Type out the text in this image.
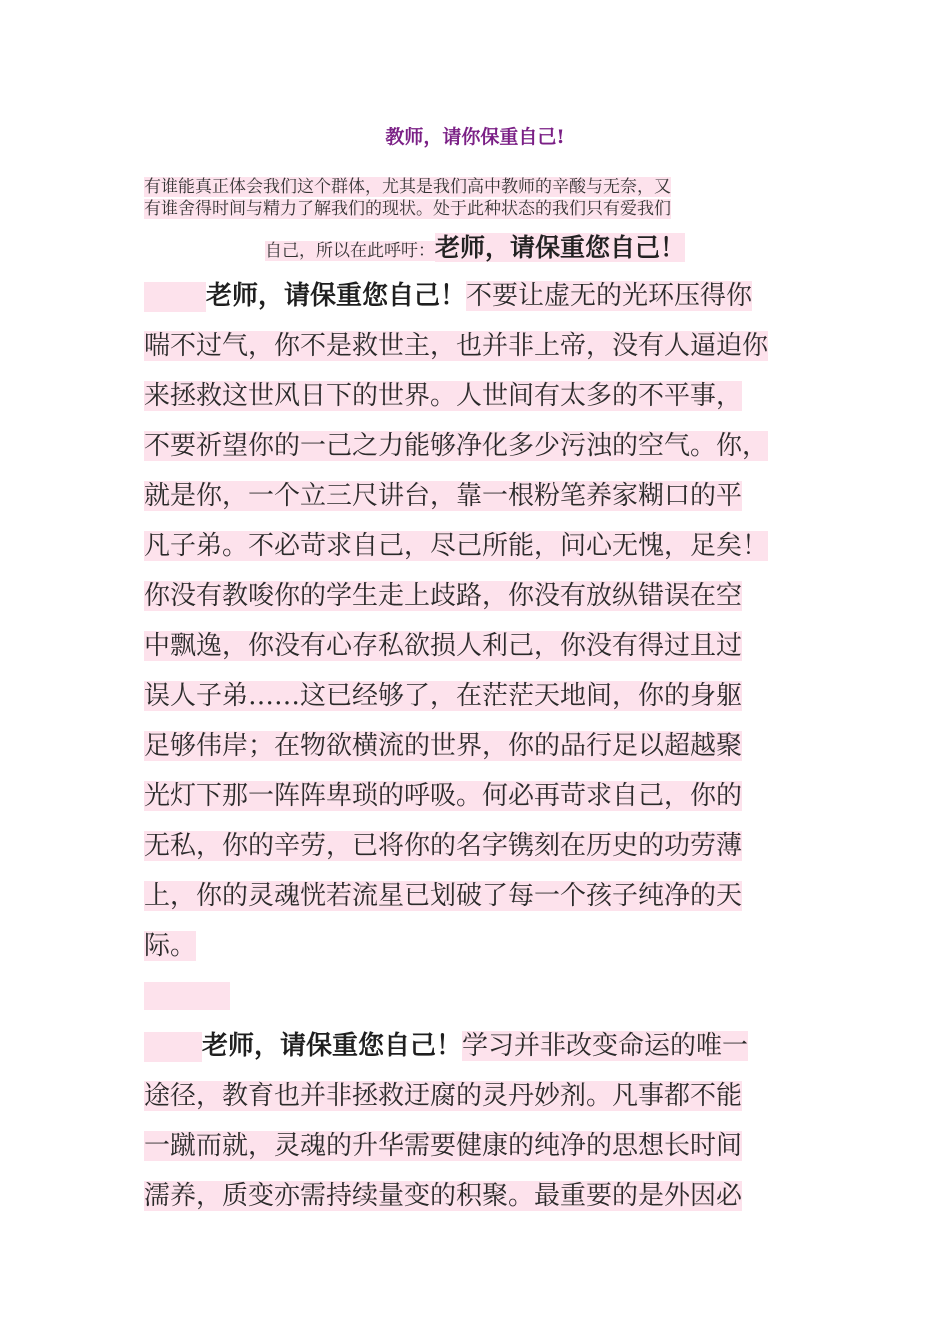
教师，请你保重自己!
有谁能真正体会我们这个群体，尤其是我们高中教师的辛酸与无奈，又
有谁舍得时间与精力了解我们的现状。处于此种状态的我们只有爱我们
自己，所以在此呼吁：老师，请保重您自己！
老师，请保重您自己！不要让虚无的光环压得你
喘不过气，你不是救世主，也并非上帝，没有人逼迫你
来拯救这世风日下的世界。人世间有太多的不平事，
不要祈望你的一己之力能够净化多少污浊的空气。你，
就是你，一个立三尺讲台，靠一根粉笔养家糊口的平
凡子弟。不必苛求自己，尽己所能，问心无愧，足矣！
你没有教唆你的学生走上歧路，你没有放纵错误在空
中飘逸，你没有心存私欲损人利己，你没有得过且过
误人子弟……这已经够了，在茫茫天地间，你的身躯
足够伟岸；在物欲横流的世界，你的品行足以超越聚
光灯下那一阵阵卑琐的呼吸。何必再苛求自己，你的
无私，你的辛劳，已将你的名字镌刻在历史的功劳薄
上，你的灵魂恍若流星已划破了每一个孩子纯净的天
际。
老师，请保重您自己！学习并非改变命运的唯一
途径，教育也并非拯救迂腐的灵丹妙剂。凡事都不能
一蹴而就，灵魂的升华需要健康的纯净的思想长时间
濡养，质变亦需持续量变的积聚。最重要的是外因必
